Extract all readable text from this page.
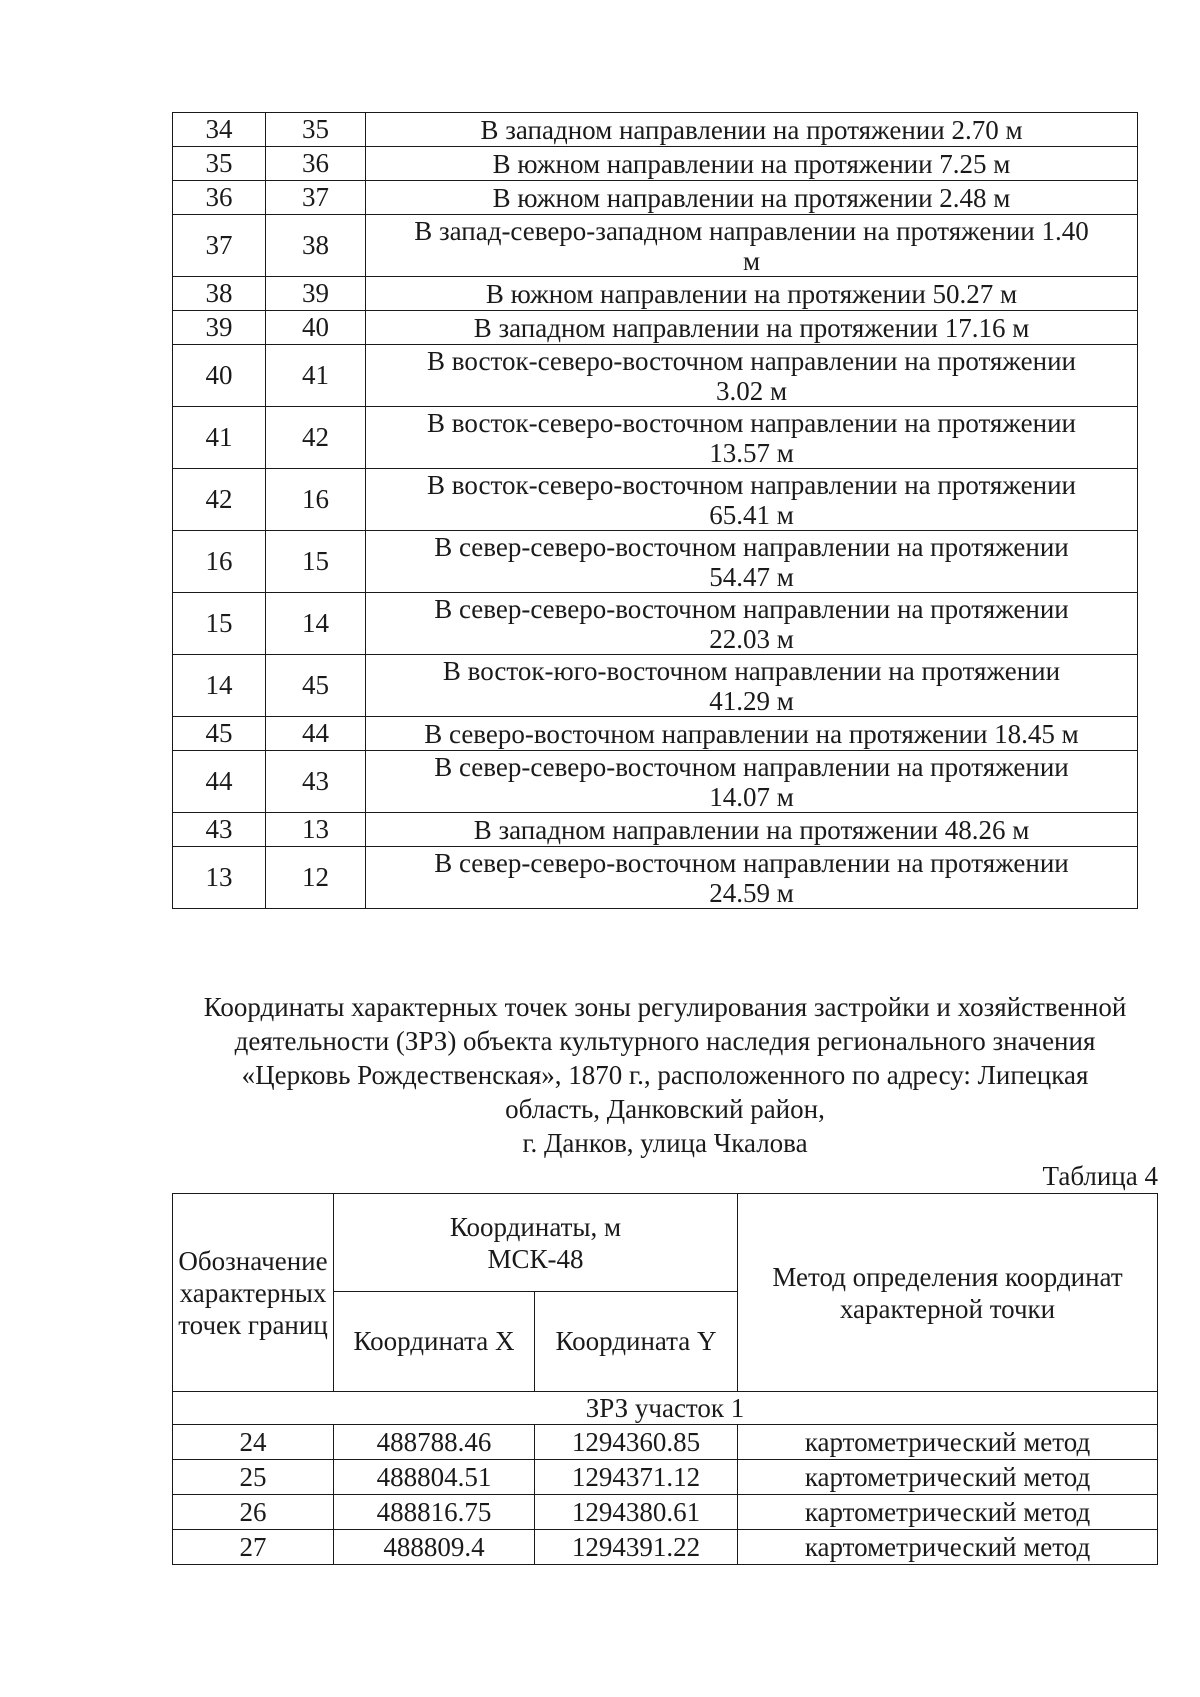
34	35	В западном направлении на протяжении 2.70 м

35	36	В южном направлении на протяжении 7.25 м

36	37	В южном направлении на протяжении 2.48 м

37	38	В запад-северо-западном направлении на протяжении 1.40
м

38	39	В южном направлении на протяжении 50.27 м

39	40	В западном направлении на протяжении 17.16 м

40	41	В восток-северо-восточном направлении на протяжении
3.02 м

41	42	В восток-северо-восточном направлении на протяжении
13.57 м

42	16	В восток-северо-восточном направлении на протяжении
65.41 м

16	15	В север-северо-восточном направлении на протяжении
54.47 м

15	14	В север-северо-восточном направлении на протяжении
22.03 м

14	45	В восток-юго-восточном направлении на протяжении
41.29 м

45	44	В северо-восточном направлении на протяжении 18.45 м

44	43	В север-северо-восточном направлении на протяжении
14.07 м

43	13	В западном направлении на протяжении 48.26 м

13	12	В север-северо-восточном направлении на протяжении
24.59 м
Координаты характерных точек зоны регулирования застройки и хозяйственной
деятельности (ЗРЗ) объекта культурного наследия регионального значения
«Церковь Рождественская», 1870 г., расположенного по адресу: Липецкая
область, Данковский район,
г. Данков, улица Чкалова
Таблица 4
Обозначение характерных точек границ	Координаты, м
МСК-48		Метод определения координат характерной точки
	Координата X	Координата Y	
ЗРЗ участок 1			
24	488788.46	1294360.85	картометрический метод
25	488804.51	1294371.12	картометрический метод
26	488816.75	1294380.61	картометрический метод
27	488809.4	1294391.22	картометрический метод
